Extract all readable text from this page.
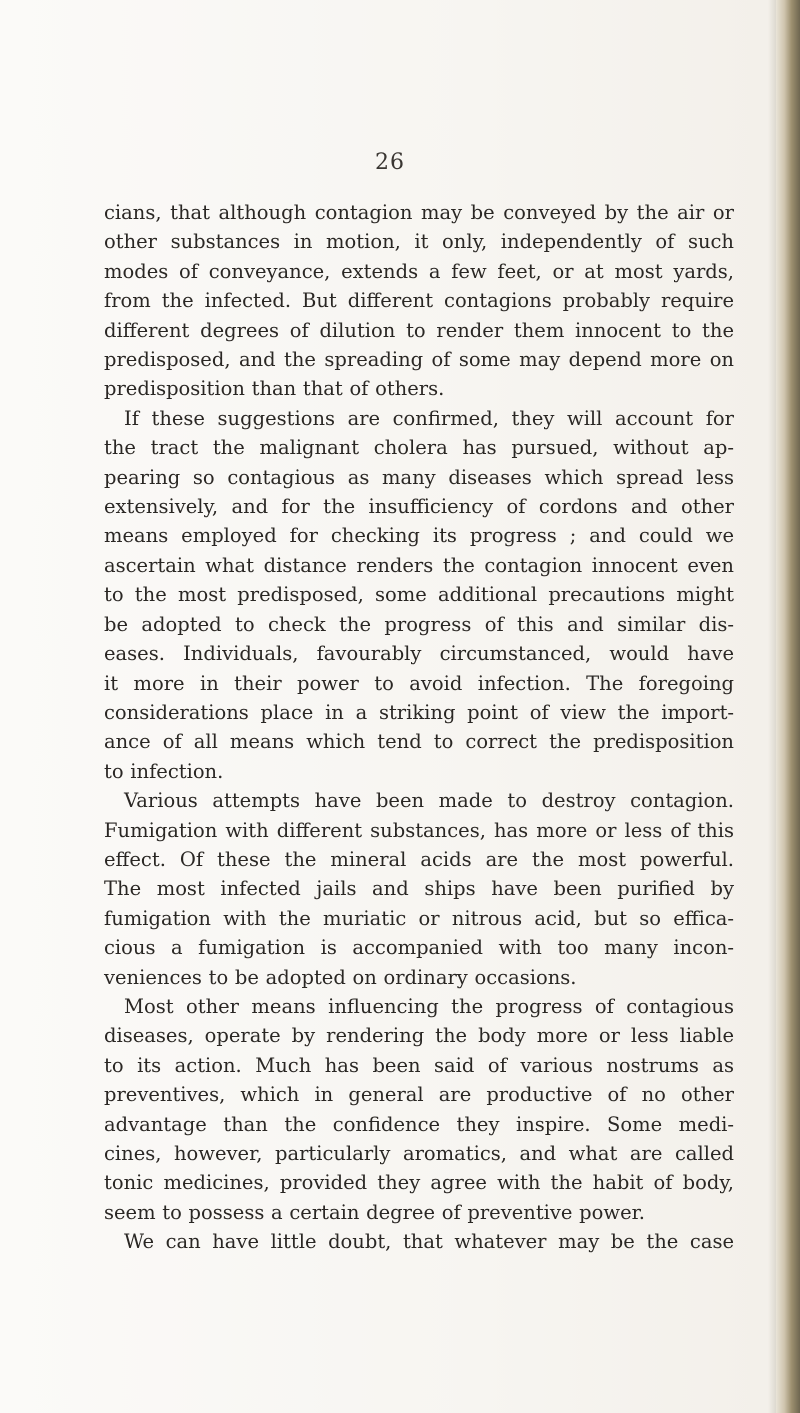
26
cians, that although contagion may be conveyed by the air or
other substances in motion, it only, independently of such
modes of conveyance, extends a few feet, or at most yards,
from the infected. But different contagions probably require
different degrees of dilution to render them innocent to the
predisposed, and the spreading of some may depend more on
predisposition than that of others.
If these suggestions are confirmed, they will account for
the tract the malignant cholera has pursued, without ap-
pearing so contagious as many diseases which spread less
extensively, and for the insufficiency of cordons and other
means employed for checking its progress ; and could we
ascertain what distance renders the contagion innocent even
to the most predisposed, some additional precautions might
be adopted to check the progress of this and similar dis-
eases. Individuals, favourably circumstanced, would have
it more in their power to avoid infection. The foregoing
considerations place in a striking point of view the import-
ance of all means which tend to correct the predisposition
to infection.
Various attempts have been made to destroy contagion.
Fumigation with different substances, has more or less of this
effect. Of these the mineral acids are the most powerful.
The most infected jails and ships have been purified by
fumigation with the muriatic or nitrous acid, but so effica-
cious a fumigation is accompanied with too many incon-
veniences to be adopted on ordinary occasions.
Most other means influencing the progress of contagious
diseases, operate by rendering the body more or less liable
to its action. Much has been said of various nostrums as
preventives, which in general are productive of no other
advantage than the confidence they inspire. Some medi-
cines, however, particularly aromatics, and what are called
tonic medicines, provided they agree with the habit of body,
seem to possess a certain degree of preventive power.
We can have little doubt, that whatever may be the case
